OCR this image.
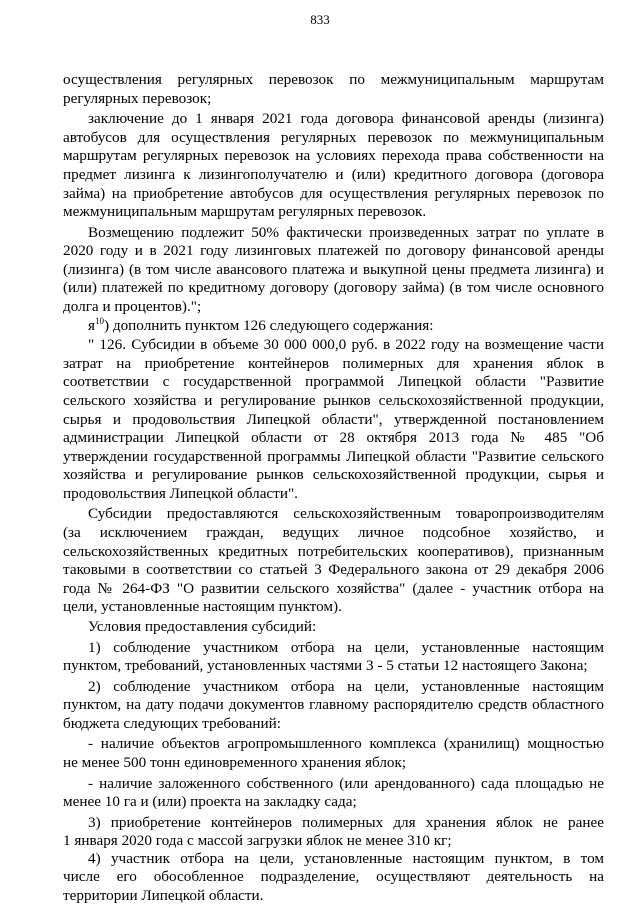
833
осуществления регулярных перевозок по межмуниципальным маршрутам
регулярных перевозок;
заключение до 1 января 2021 года договора финансовой аренды (лизинга)
автобусов для осуществления регулярных перевозок по межмуниципальным
маршрутам регулярных перевозок на условиях перехода права собственности на
предмет лизинга к лизингополучателю и (или) кредитного договора (договора
займа) на приобретение автобусов для осуществления регулярных перевозок по
межмуниципальным маршрутам регулярных перевозок.
Возмещению подлежит 50% фактически произведенных затрат по уплате в
2020 году и в 2021 году лизинговых платежей по договору финансовой аренды
(лизинга) (в том числе авансового платежа и выкупной цены предмета лизинга) и
(или) платежей по кредитному договору (договору займа) (в том числе основного
долга и процентов).";
$я^{10}$) дополнить пунктом 126 следующего содержания:
" 126. Субсидии в объеме 30 000 000,0 руб. в 2022 году на возмещение части
затрат на приобретение контейнеров полимерных для хранения яблок в
соответствии с государственной программой Липецкой области "Развитие
сельского хозяйства и регулирование рынков сельскохозяйственной продукции,
сырья и продовольствия Липецкой области", утвержденной постановлением
администрации Липецкой области от 28 октября 2013 года № 485 "Об
утверждении государственной программы Липецкой области "Развитие сельского
хозяйства и регулирование рынков сельскохозяйственной продукции, сырья и
продовольствия Липецкой области".
Субсидии предоставляются сельскохозяйственным товаропроизводителям
(за исключением граждан, ведущих личное подсобное хозяйство, и
сельскохозяйственных кредитных потребительских кооперативов), признанным
таковыми в соответствии со статьей 3 Федерального закона от 29 декабря 2006
года № 264-ФЗ "О развитии сельского хозяйства" (далее - участник отбора на
цели, установленные настоящим пунктом).
Условия предоставления субсидий:
1) соблюдение участником отбора на цели, установленные настоящим
пунктом, требований, установленных частями 3 - 5 статьи 12 настоящего Закона;
2) соблюдение участником отбора на цели, установленные настоящим
пунктом, на дату подачи документов главному распорядителю средств областного
бюджета следующих требований:
- наличие объектов агропромышленного комплекса (хранилищ) мощностью
не менее 500 тонн единовременного хранения яблок;
- наличие заложенного собственного (или арендованного) сада площадью не
менее 10 га и (или) проекта на закладку сада;
3) приобретение контейнеров полимерных для хранения яблок не ранее
1 января 2020 года с массой загрузки яблок не менее 310 кг;
4) участник отбора на цели, установленные настоящим пунктом, в том
числе его обособленное подразделение, осуществляют деятельность на
территории Липецкой области.
